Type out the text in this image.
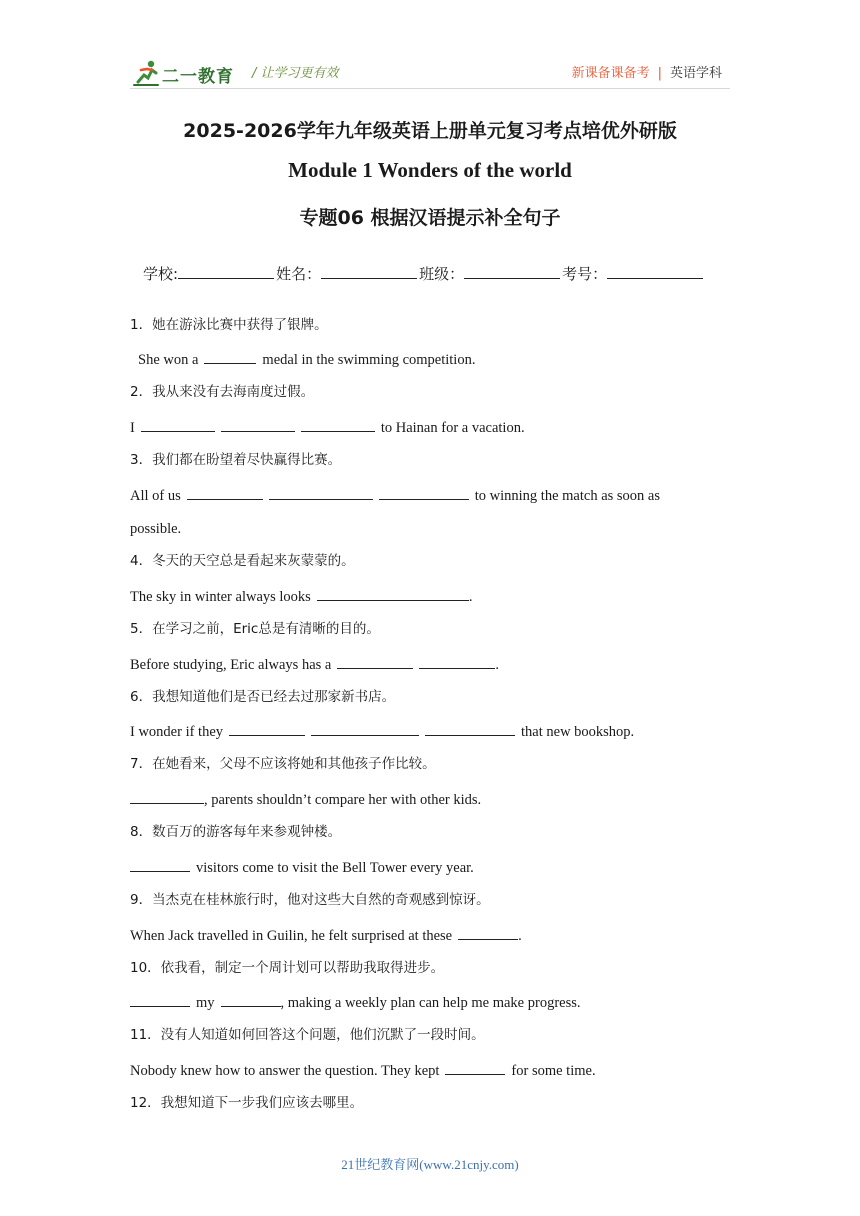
二一教育 / 让学习更有效	新课备课备考 | 英语学科
2025-2026学年九年级英语上册单元复习考点培优外研版
Module 1 Wonders of the world
专题06 根据汉语提示补全句子
学校:	姓名：	班级：	考号：
1．她在游泳比赛中获得了银牌。
She won a	medal in the swimming competition.
2．我从来没有去海南度过假。
I	to Hainan for a vacation.
3．我们都在盼望着尽快赢得比赛。
All of us	to winning the match as soon as
possible.
4．冬天的天空总是看起来灰蒙蒙的。
The sky in winter always looks	.
5．在学习之前，Eric总是有清晰的目的。
Before studying, Eric always has a	.
6．我想知道他们是否已经去过那家新书店。
I wonder if they	that new bookshop.
7．在她看来，父母不应该将她和其他孩子作比较。
, parents shouldn’t compare her with other kids.
8．数百万的游客每年来参观钟楼。
visitors come to visit the Bell Tower every year.
9．当杰克在桂林旅行时，他对这些大自然的奇观感到惊讶。
When Jack travelled in Guilin, he felt surprised at these	.
10．依我看，制定一个周计划可以帮助我取得进步。
my	, making a weekly plan can help me make progress.
11．没有人知道如何回答这个问题，他们沉默了一段时间。
Nobody knew how to answer the question. They kept	for some time.
12．我想知道下一步我们应该去哪里。
21世纪教育网(www.21cnjy.com)
